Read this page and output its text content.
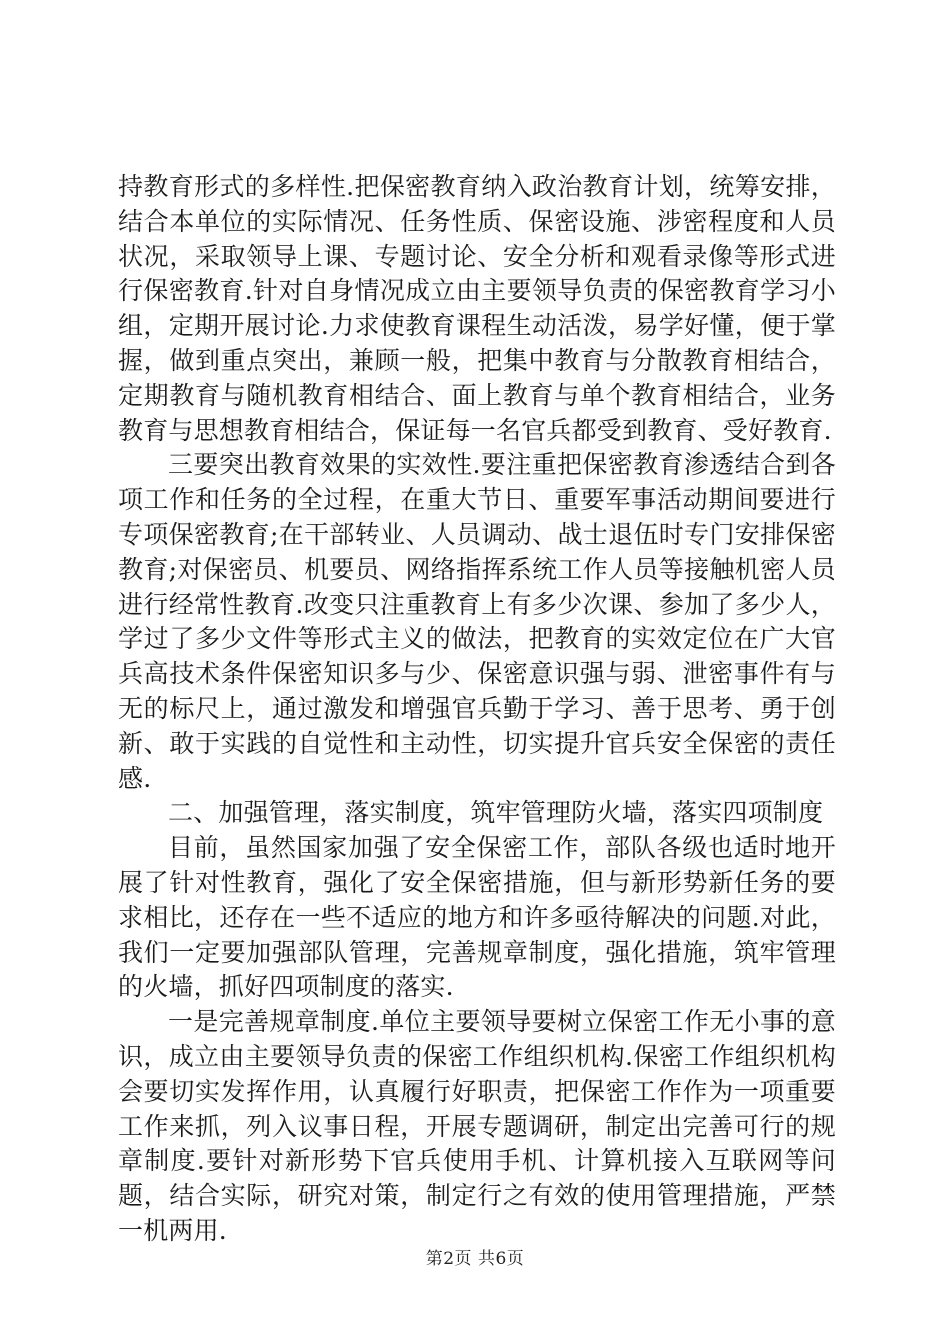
持教育形式的多样性.把保密教育纳入政治教育计划，统筹安排，结合本单位的实际情况、任务性质、保密设施、涉密程度和人员状况，采取领导上课、专题讨论、安全分析和观看录像等形式进行保密教育.针对自身情况成立由主要领导负责的保密教育学习小组，定期开展讨论.力求使教育课程生动活泼，易学好懂，便于掌握，做到重点突出，兼顾一般，把集中教育与分散教育相结合，定期教育与随机教育相结合、面上教育与单个教育相结合，业务教育与思想教育相结合，保证每一名官兵都受到教育、受好教育.

三要突出教育效果的实效性.要注重把保密教育渗透结合到各项工作和任务的全过程，在重大节日、重要军事活动期间要进行专项保密教育;在干部转业、人员调动、战士退伍时专门安排保密教育;对保密员、机要员、网络指挥系统工作人员等接触机密人员进行经常性教育.改变只注重教育上有多少次课、参加了多少人，学过了多少文件等形式主义的做法，把教育的实效定位在广大官兵高技术条件保密知识多与少、保密意识强与弱、泄密事件有与无的标尺上，通过激发和增强官兵勤于学习、善于思考、勇于创新、敢于实践的自觉性和主动性，切实提升官兵安全保密的责任感.

二、加强管理，落实制度，筑牢管理防火墙，落实四项制度

目前，虽然国家加强了安全保密工作，部队各级也适时地开展了针对性教育，强化了安全保密措施，但与新形势新任务的要求相比，还存在一些不适应的地方和许多亟待解决的问题.对此，我们一定要加强部队管理，完善规章制度，强化措施，筑牢管理的火墙，抓好四项制度的落实.

一是完善规章制度.单位主要领导要树立保密工作无小事的意识，成立由主要领导负责的保密工作组织机构.保密工作组织机构会要切实发挥作用，认真履行好职责，把保密工作作为一项重要工作来抓，列入议事日程，开展专题调研，制定出完善可行的规章制度.要针对新形势下官兵使用手机、计算机接入互联网等问题，结合实际，研究对策，制定行之有效的使用管理措施，严禁一机两用.

第2页 共6页
